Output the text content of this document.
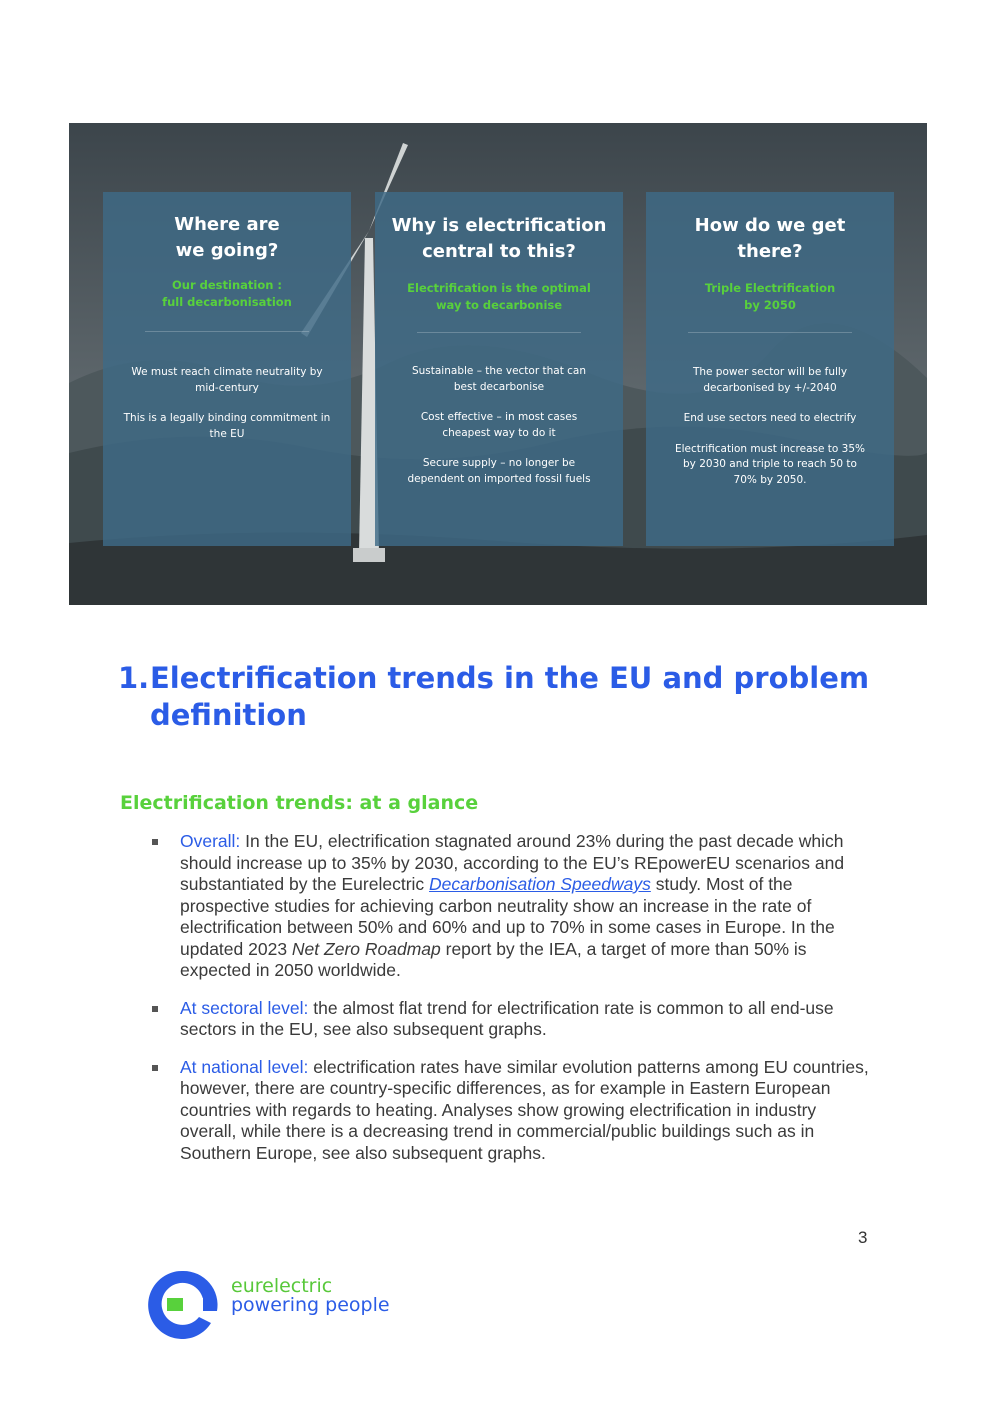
Where are
we going?
Our destination :
full decarbonisation

We must reach climate neutrality by mid-century

This is a legally binding commitment in the EU

Why is electrification
central to this?
Electrification is the optimal
way to decarbonise

Sustainable – the vector that can best decarbonise

Cost effective – in most cases cheapest way to do it

Secure supply – no longer be dependent on imported fossil fuels

How do we get
there?
Triple Electrification
by 2050

The power sector will be fully decarbonised by +/-2040

End use sectors need to electrify

Electrification must increase to 35% by 2030 and triple to reach 50 to 70% by 2050.

1. Electrification trends in the EU and problem definition
Electrification trends: at a glance
Overall: In the EU, electrification stagnated around 23% during the past decade which should increase up to 35% by 2030, according to the EU’s REpowerEU scenarios and substantiated by the Eurelectric Decarbonisation Speedways study. Most of the prospective studies for achieving carbon neutrality show an increase in the rate of electrification between 50% and 60% and up to 70% in some cases in Europe. In the updated 2023 Net Zero Roadmap report by the IEA, a target of more than 50% is expected in 2050 worldwide.
At sectoral level: the almost flat trend for electrification rate is common to all end-use sectors in the EU, see also subsequent graphs.
At national level: electrification rates have similar evolution patterns among EU countries, however, there are country-specific differences, as for example in Eastern European countries with regards to heating. Analyses show growing electrification in industry overall, while there is a decreasing trend in commercial/public buildings such as in Southern Europe, see also subsequent graphs.
3
eurelectric
powering people
